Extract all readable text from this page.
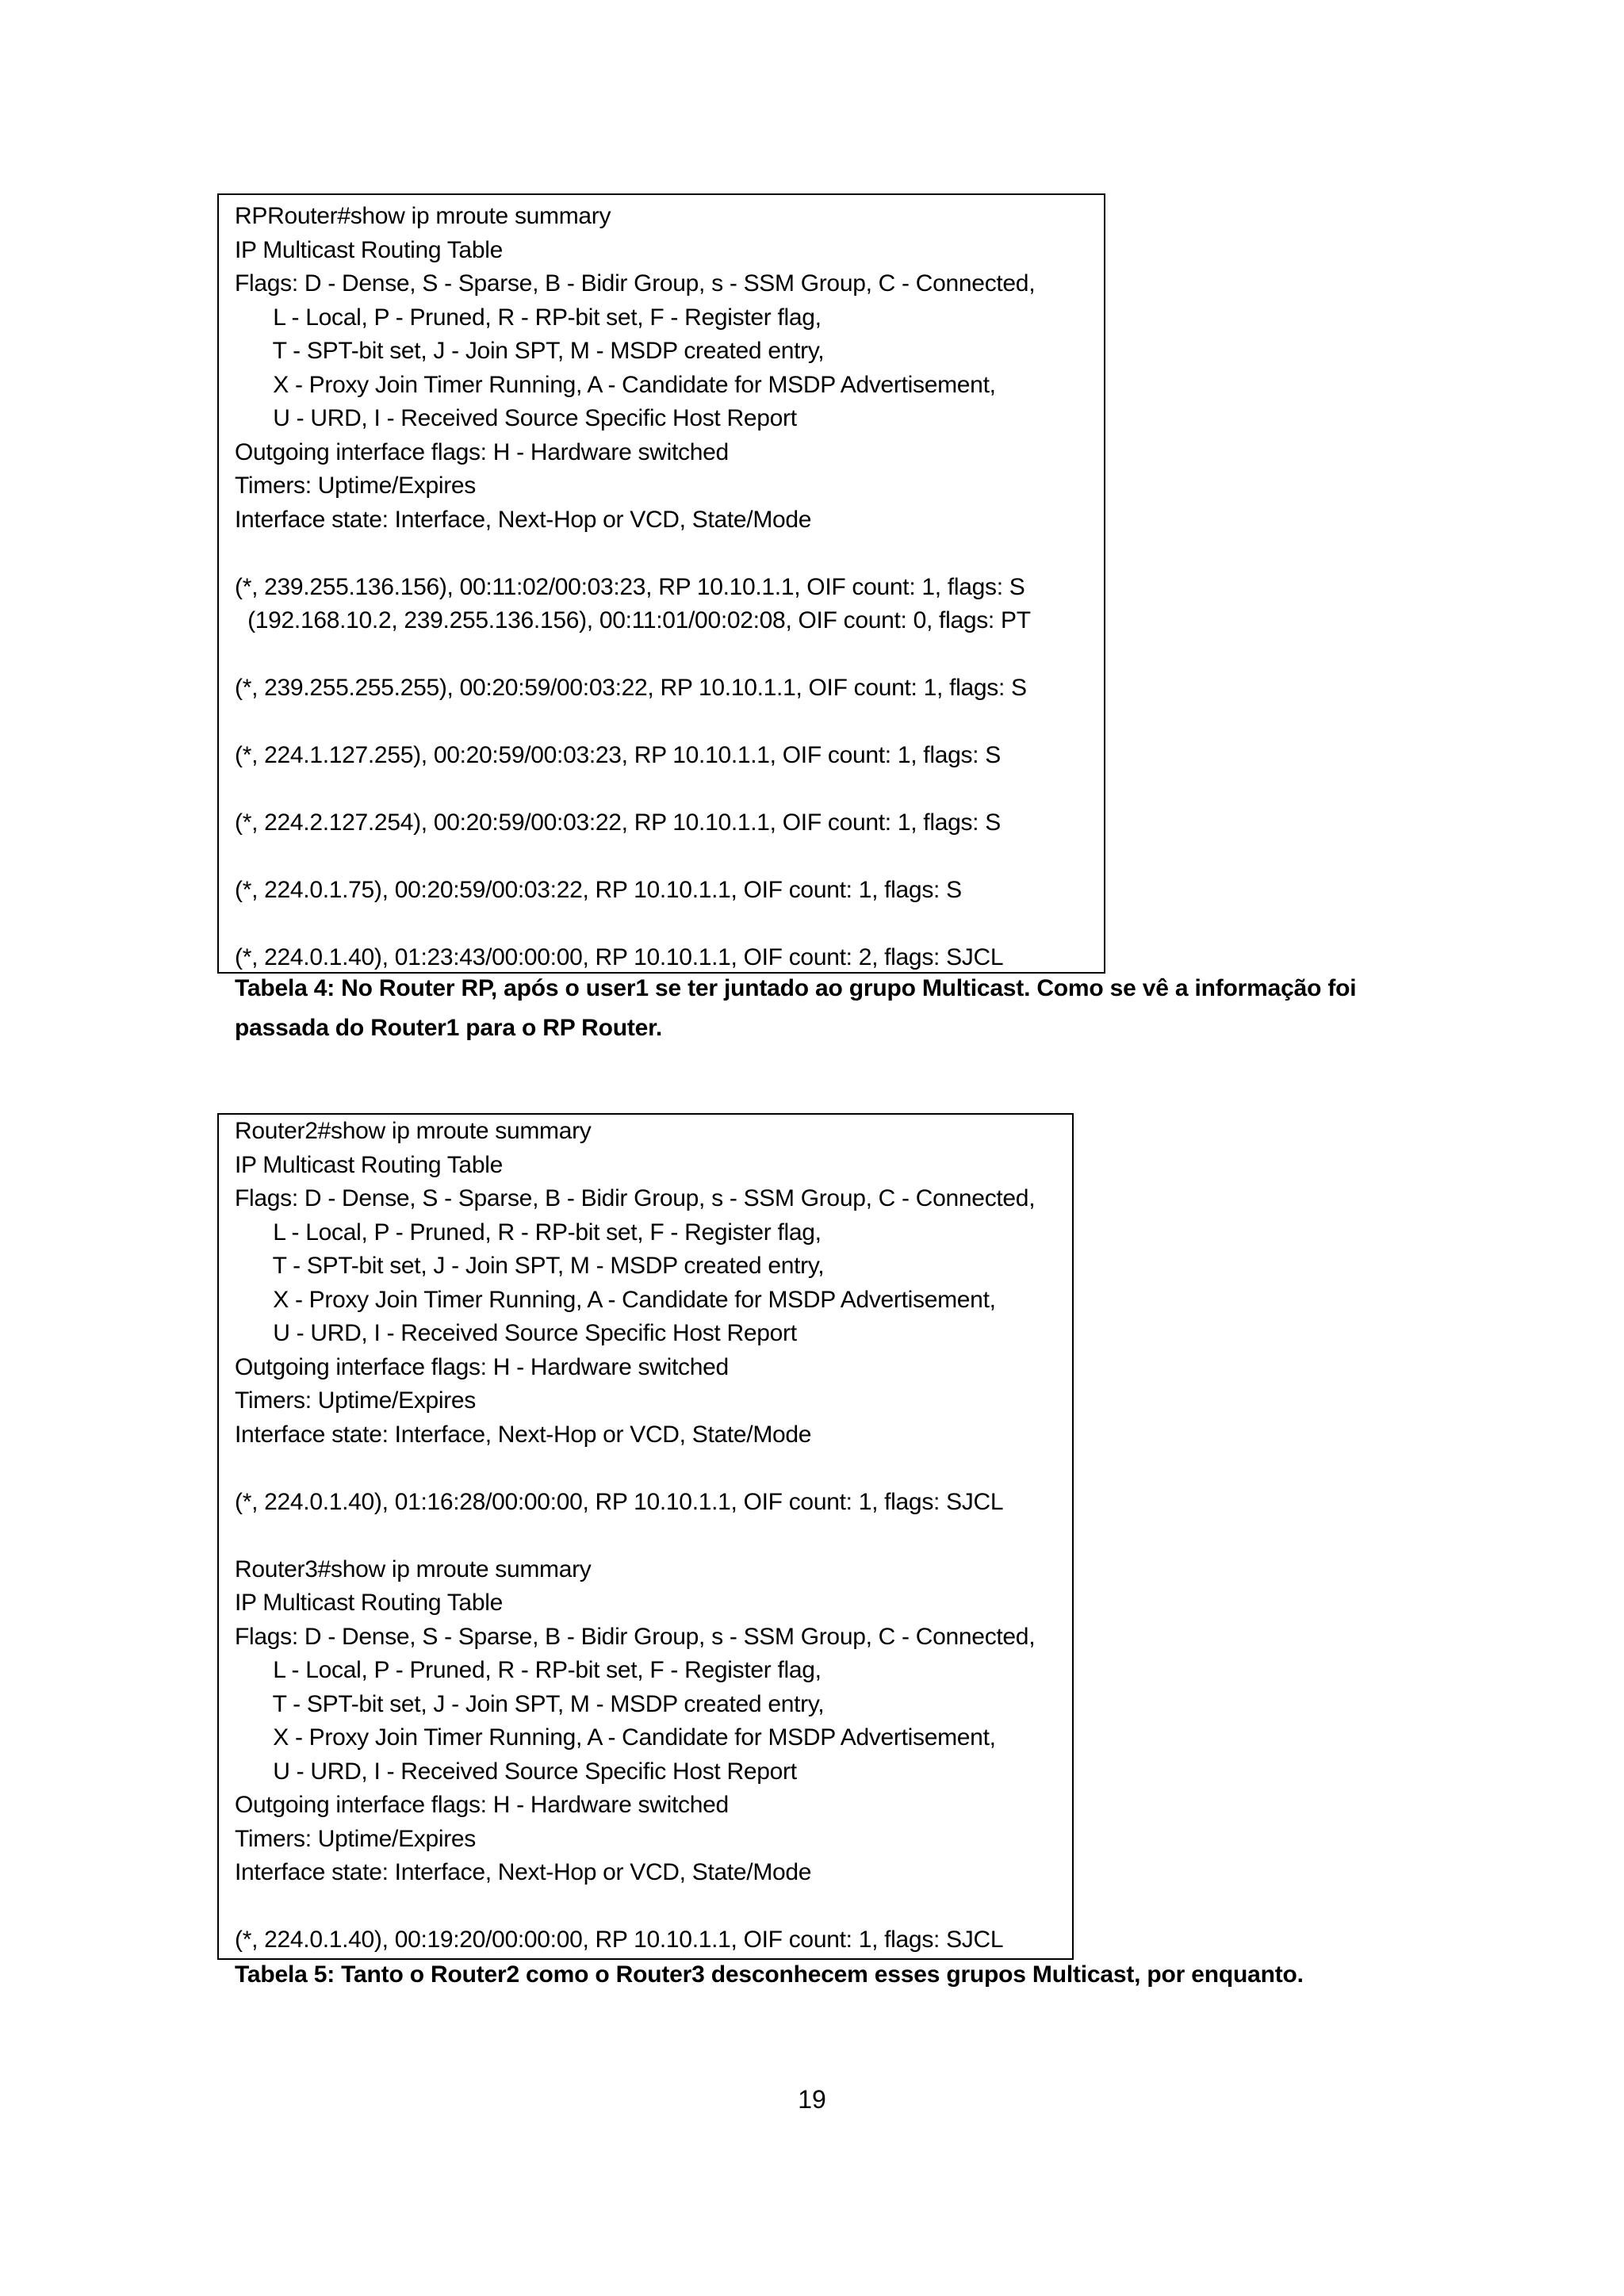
RPRouter#show ip mroute summary
IP Multicast Routing Table
Flags: D - Dense, S - Sparse, B - Bidir Group, s - SSM Group, C - Connected,
L - Local, P - Pruned, R - RP-bit set, F - Register flag,
T - SPT-bit set, J - Join SPT, M - MSDP created entry,
X - Proxy Join Timer Running, A - Candidate for MSDP Advertisement,
U - URD, I - Received Source Specific Host Report
Outgoing interface flags: H - Hardware switched
Timers: Uptime/Expires
Interface state: Interface, Next-Hop or VCD, State/Mode
(*, 239.255.136.156), 00:11:02/00:03:23, RP 10.10.1.1, OIF count: 1, flags: S
(192.168.10.2, 239.255.136.156), 00:11:01/00:02:08, OIF count: 0, flags: PT
(*, 239.255.255.255), 00:20:59/00:03:22, RP 10.10.1.1, OIF count: 1, flags: S
(*, 224.1.127.255), 00:20:59/00:03:23, RP 10.10.1.1, OIF count: 1, flags: S
(*, 224.2.127.254), 00:20:59/00:03:22, RP 10.10.1.1, OIF count: 1, flags: S
(*, 224.0.1.75), 00:20:59/00:03:22, RP 10.10.1.1, OIF count: 1, flags: S
(*, 224.0.1.40), 01:23:43/00:00:00, RP 10.10.1.1, OIF count: 2, flags: SJCL
Tabela 4: No Router RP, após o user1 se ter juntado ao grupo Multicast. Como se vê a informação foi
passada do Router1 para o RP Router.
Router2#show ip mroute summary
IP Multicast Routing Table
Flags: D - Dense, S - Sparse, B - Bidir Group, s - SSM Group, C - Connected,
L - Local, P - Pruned, R - RP-bit set, F - Register flag,
T - SPT-bit set, J - Join SPT, M - MSDP created entry,
X - Proxy Join Timer Running, A - Candidate for MSDP Advertisement,
U - URD, I - Received Source Specific Host Report
Outgoing interface flags: H - Hardware switched
Timers: Uptime/Expires
Interface state: Interface, Next-Hop or VCD, State/Mode
(*, 224.0.1.40), 01:16:28/00:00:00, RP 10.10.1.1, OIF count: 1, flags: SJCL
Router3#show ip mroute summary
IP Multicast Routing Table
Flags: D - Dense, S - Sparse, B - Bidir Group, s - SSM Group, C - Connected,
L - Local, P - Pruned, R - RP-bit set, F - Register flag,
T - SPT-bit set, J - Join SPT, M - MSDP created entry,
X - Proxy Join Timer Running, A - Candidate for MSDP Advertisement,
U - URD, I - Received Source Specific Host Report
Outgoing interface flags: H - Hardware switched
Timers: Uptime/Expires
Interface state: Interface, Next-Hop or VCD, State/Mode
(*, 224.0.1.40), 00:19:20/00:00:00, RP 10.10.1.1, OIF count: 1, flags: SJCL
Tabela 5: Tanto o Router2 como o Router3 desconhecem esses grupos Multicast, por enquanto.
19
